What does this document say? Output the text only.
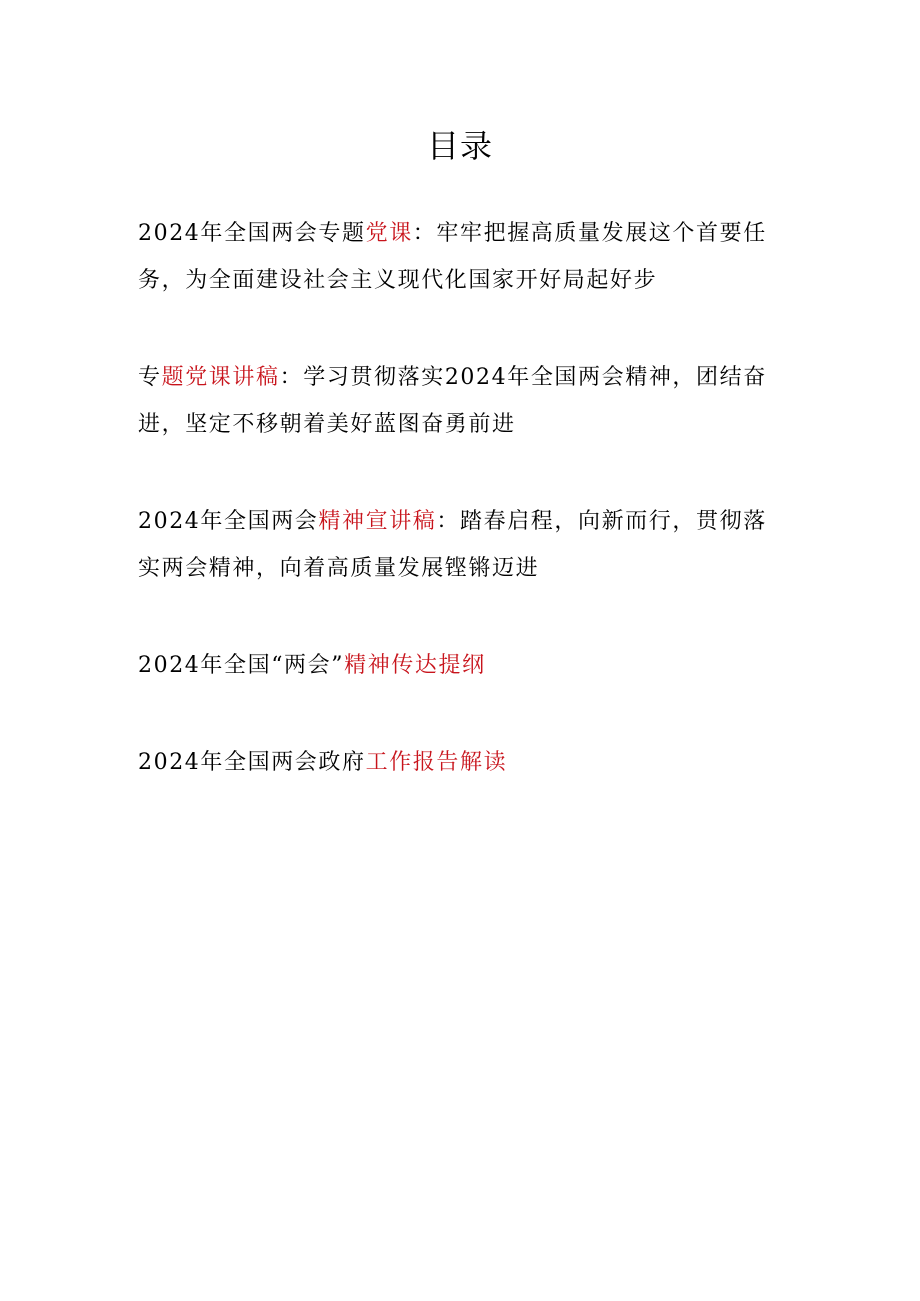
目录

2024年全国两会专题党课：牢牢把握高质量发展这个首要任务，为全面建设社会主义现代化国家开好局起好步

专题党课讲稿：学习贯彻落实2024年全国两会精神，团结奋进，坚定不移朝着美好蓝图奋勇前进

2024年全国两会精神宣讲稿：踏春启程，向新而行，贯彻落实两会精神，向着高质量发展铿锵迈进

2024年全国“两会”精神传达提纲

2024年全国两会政府工作报告解读
